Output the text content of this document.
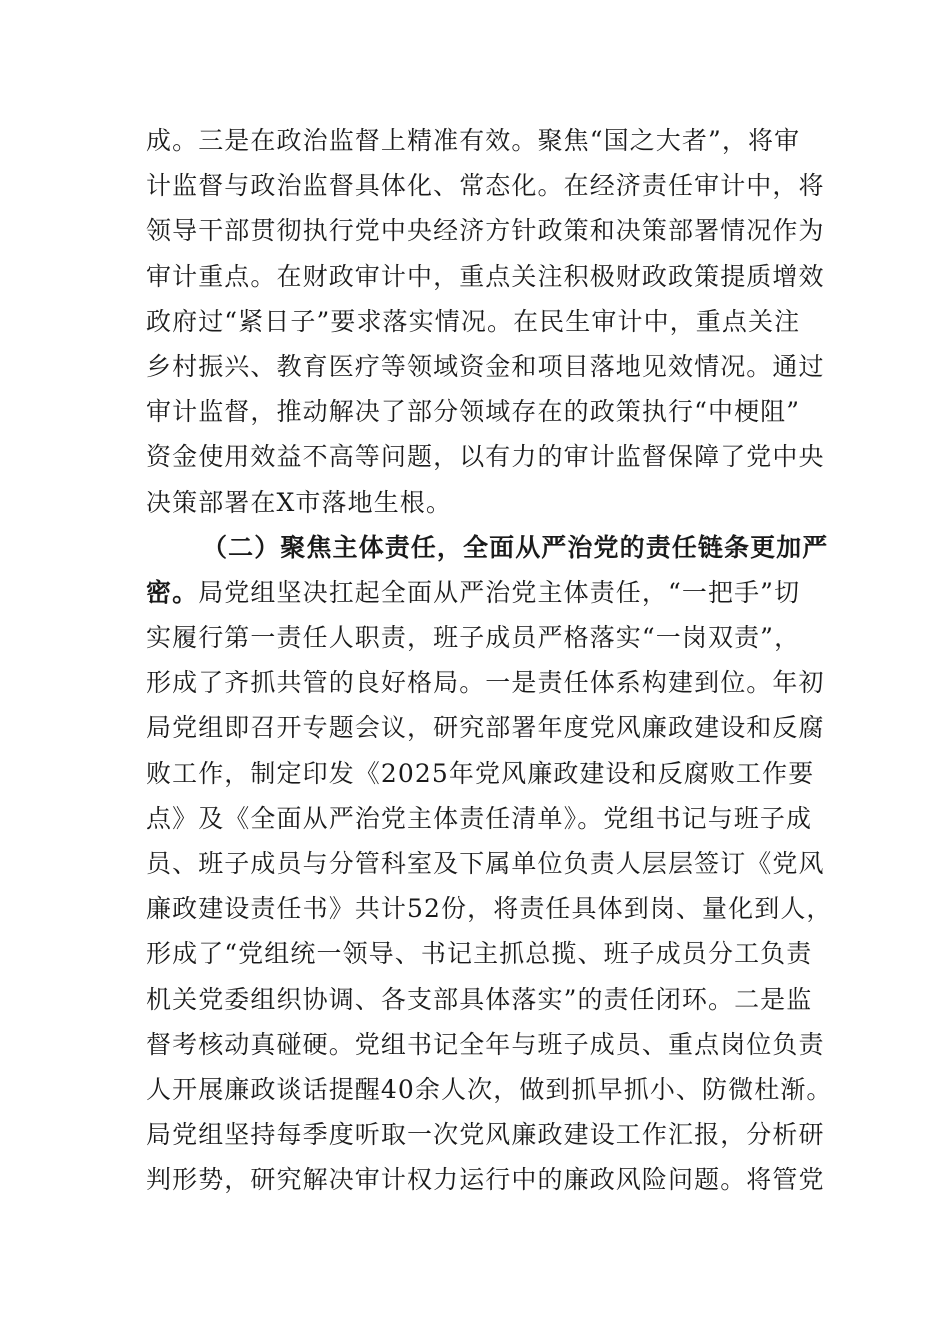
成。三是在政治监督上精准有效。聚焦“国之大者”，将审
计监督与政治监督具体化、常态化。在经济责任审计中，将
领导干部贯彻执行党中央经济方针政策和决策部署情况作为
审计重点。在财政审计中，重点关注积极财政政策提质增效
政府过“紧日子”要求落实情况。在民生审计中，重点关注
乡村振兴、教育医疗等领域资金和项目落地见效情况。通过
审计监督，推动解决了部分领域存在的政策执行“中梗阻”
资金使用效益不高等问题，以有力的审计监督保障了党中央
决策部署在X市落地生根。
（二）聚焦主体责任，全面从严治党的责任链条更加严
密。局党组坚决扛起全面从严治党主体责任，“一把手”切
实履行第一责任人职责，班子成员严格落实“一岗双责”，
形成了齐抓共管的良好格局。一是责任体系构建到位。年初
局党组即召开专题会议，研究部署年度党风廉政建设和反腐
败工作，制定印发《2025年党风廉政建设和反腐败工作要
点》及《全面从严治党主体责任清单》。党组书记与班子成
员、班子成员与分管科室及下属单位负责人层层签订《党风
廉政建设责任书》共计52份，将责任具体到岗、量化到人，
形成了“党组统一领导、书记主抓总揽、班子成员分工负责
机关党委组织协调、各支部具体落实”的责任闭环。二是监
督考核动真碰硬。党组书记全年与班子成员、重点岗位负责
人开展廉政谈话提醒40余人次，做到抓早抓小、防微杜渐。
局党组坚持每季度听取一次党风廉政建设工作汇报，分析研
判形势，研究解决审计权力运行中的廉政风险问题。将管党
